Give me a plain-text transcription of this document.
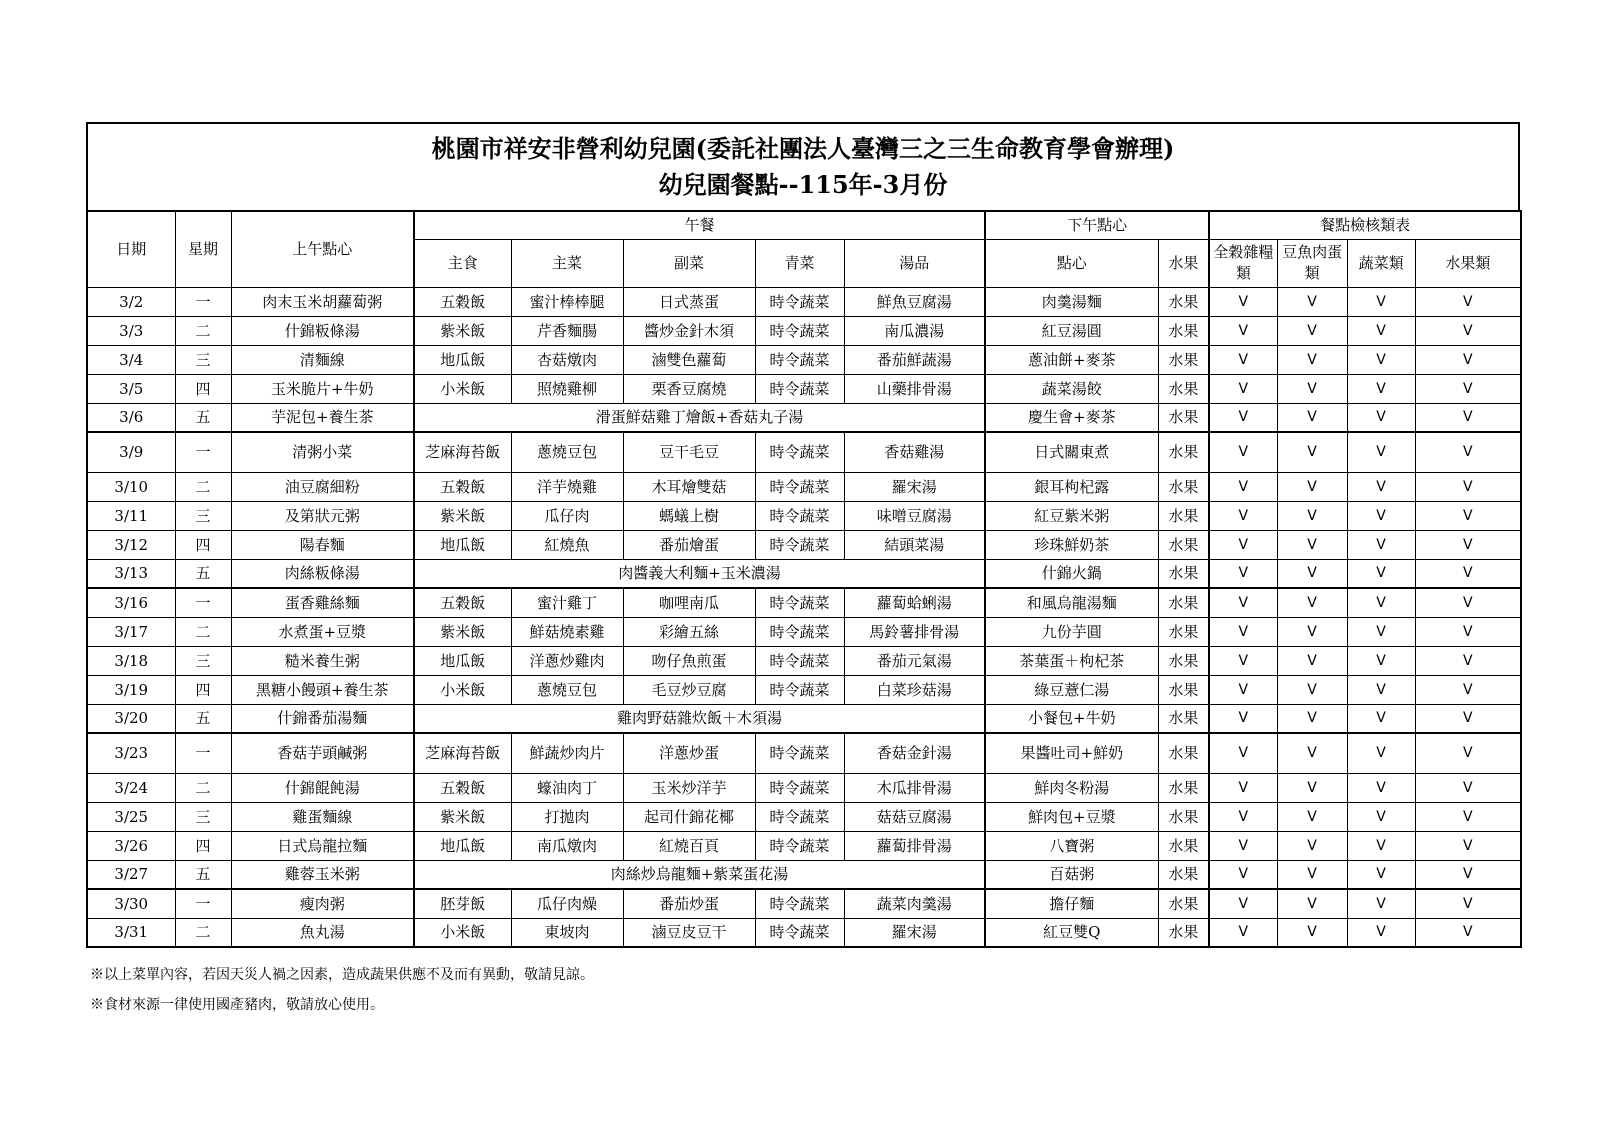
桃園市祥安非營利幼兒園(委託社團法人臺灣三之三生命教育學會辦理)
幼兒園餐點--115年-3月份
日期	星期	上午點心	午餐					下午點心		餐點檢核類表			
			主食	主菜	副菜	青菜	湯品	點心	水果	全穀雜糧類	豆魚肉蛋類	蔬菜類	水果類
3/2	一	肉末玉米胡蘿蔔粥	五穀飯	蜜汁棒棒腿	日式蒸蛋	時令蔬菜	鮮魚豆腐湯	肉羹湯麵	水果	V	V	V	V
3/3	二	什錦粄條湯	紫米飯	芹香麵腸	醬炒金針木須	時令蔬菜	南瓜濃湯	紅豆湯圓	水果	V	V	V	V
3/4	三	清麵線	地瓜飯	杏菇燉肉	滷雙色蘿蔔	時令蔬菜	番茄鮮蔬湯	蔥油餅+麥茶	水果	V	V	V	V
3/5	四	玉米脆片+牛奶	小米飯	照燒雞柳	栗香豆腐燒	時令蔬菜	山藥排骨湯	蔬菜湯餃	水果	V	V	V	V
3/6	五	芋泥包+養生茶	滑蛋鮮菇雞丁燴飯+香菇丸子湯					慶生會+麥茶	水果	V	V	V	V
3/9	一	清粥小菜	芝麻海苔飯	蔥燒豆包	豆干毛豆	時令蔬菜	香菇雞湯	日式關東煮	水果	V	V	V	V
3/10	二	油豆腐細粉	五穀飯	洋芋燒雞	木耳燴雙菇	時令蔬菜	羅宋湯	銀耳枸杞露	水果	V	V	V	V
3/11	三	及第狀元粥	紫米飯	瓜仔肉	螞蟻上樹	時令蔬菜	味噌豆腐湯	紅豆紫米粥	水果	V	V	V	V
3/12	四	陽春麵	地瓜飯	紅燒魚	番茄燴蛋	時令蔬菜	結頭菜湯	珍珠鮮奶茶	水果	V	V	V	V
3/13	五	肉絲粄條湯	肉醬義大利麵+玉米濃湯					什錦火鍋	水果	V	V	V	V
3/16	一	蛋香雞絲麵	五穀飯	蜜汁雞丁	咖哩南瓜	時令蔬菜	蘿蔔蛤蜊湯	和風烏龍湯麵	水果	V	V	V	V
3/17	二	水煮蛋+豆漿	紫米飯	鮮菇燒素雞	彩繪五絲	時令蔬菜	馬鈴薯排骨湯	九份芋圓	水果	V	V	V	V
3/18	三	糙米養生粥	地瓜飯	洋蔥炒雞肉	吻仔魚煎蛋	時令蔬菜	番茄元氣湯	茶葉蛋＋枸杞茶	水果	V	V	V	V
3/19	四	黑糖小饅頭+養生茶	小米飯	蔥燒豆包	毛豆炒豆腐	時令蔬菜	白菜珍菇湯	綠豆薏仁湯	水果	V	V	V	V
3/20	五	什錦番茄湯麵	雞肉野菇雜炊飯＋木須湯					小餐包+牛奶	水果	V	V	V	V
3/23	一	香菇芋頭鹹粥	芝麻海苔飯	鮮蔬炒肉片	洋蔥炒蛋	時令蔬菜	香菇金針湯	果醬吐司+鮮奶	水果	V	V	V	V
3/24	二	什錦餛飩湯	五穀飯	蠔油肉丁	玉米炒洋芋	時令蔬菜	木瓜排骨湯	鮮肉冬粉湯	水果	V	V	V	V
3/25	三	雞蛋麵線	紫米飯	打拋肉	起司什錦花椰	時令蔬菜	菇菇豆腐湯	鮮肉包+豆漿	水果	V	V	V	V
3/26	四	日式烏龍拉麵	地瓜飯	南瓜燉肉	紅燒百頁	時令蔬菜	蘿蔔排骨湯	八寶粥	水果	V	V	V	V
3/27	五	雞蓉玉米粥	肉絲炒烏龍麵+紫菜蛋花湯					百菇粥	水果	V	V	V	V
3/30	一	瘦肉粥	胚芽飯	瓜仔肉燥	番茄炒蛋	時令蔬菜	蔬菜肉羹湯	擔仔麵	水果	V	V	V	V
3/31	二	魚丸湯	小米飯	東坡肉	滷豆皮豆干	時令蔬菜	羅宋湯	紅豆雙Q	水果	V	V	V	V
※以上菜單內容，若因天災人禍之因素，造成蔬果供應不及而有異動，敬請見諒。
※食材來源一律使用國產豬肉，敬請放心使用。
